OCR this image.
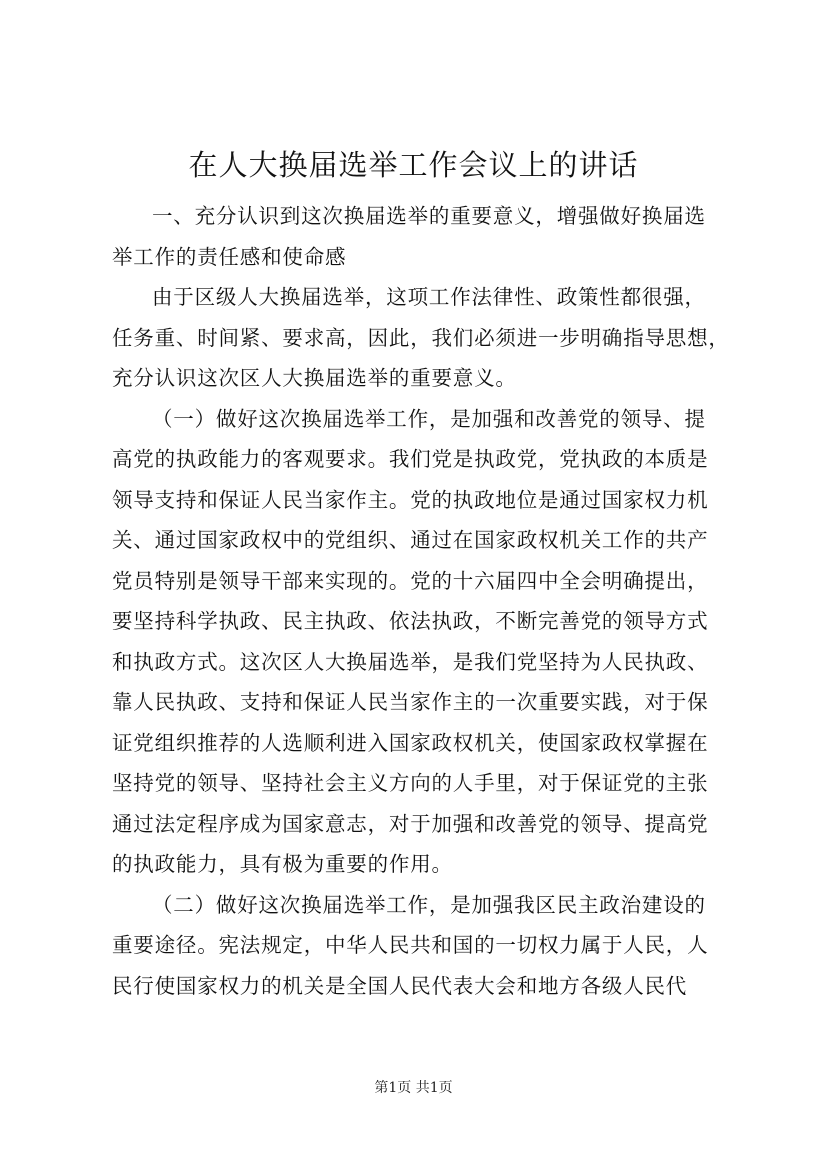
在人大换届选举工作会议上的讲话

一、充分认识到这次换届选举的重要意义，增强做好换届选
举工作的责任感和使命感

由于区级人大换届选举，这项工作法律性、政策性都很强，
任务重、时间紧、要求高，因此，我们必须进一步明确指导思想，
充分认识这次区人大换届选举的重要意义。

（一）做好这次换届选举工作，是加强和改善党的领导、提
高党的执政能力的客观要求。我们党是执政党，党执政的本质是
领导支持和保证人民当家作主。党的执政地位是通过国家权力机
关、通过国家政权中的党组织、通过在国家政权机关工作的共产
党员特别是领导干部来实现的。党的十六届四中全会明确提出，
要坚持科学执政、民主执政、依法执政，不断完善党的领导方式
和执政方式。这次区人大换届选举，是我们党坚持为人民执政、
靠人民执政、支持和保证人民当家作主的一次重要实践，对于保
证党组织推荐的人选顺利进入国家政权机关，使国家政权掌握在
坚持党的领导、坚持社会主义方向的人手里，对于保证党的主张
通过法定程序成为国家意志，对于加强和改善党的领导、提高党
的执政能力，具有极为重要的作用。

（二）做好这次换届选举工作，是加强我区民主政治建设的
重要途径。宪法规定，中华人民共和国的一切权力属于人民，人
民行使国家权力的机关是全国人民代表大会和地方各级人民代

第1页 共1页
